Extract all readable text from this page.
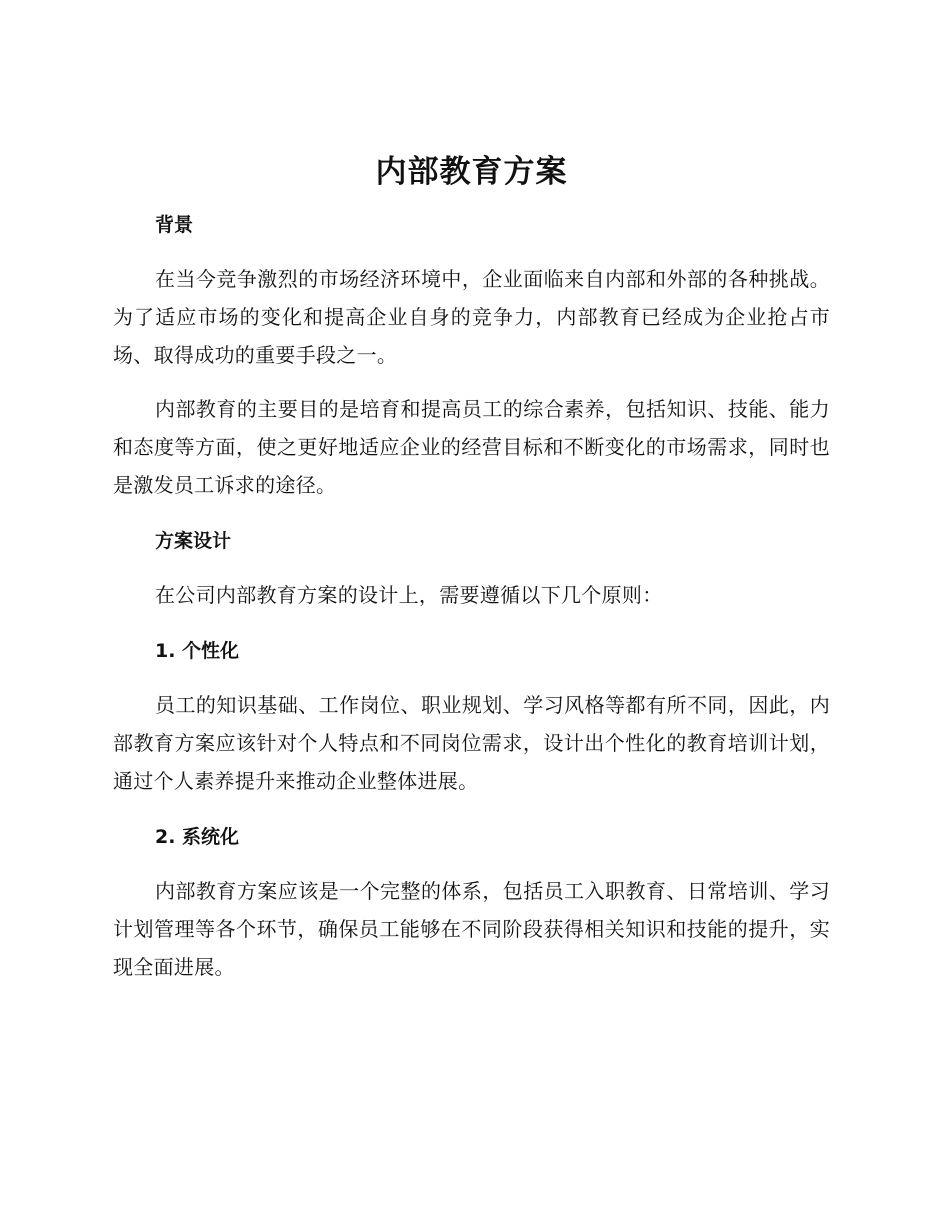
内部教育方案
背景

在当今竞争激烈的市场经济环境中，企业面临来自内部和外部的各种挑战。为了适应市场的变化和提高企业自身的竞争力，内部教育已经成为企业抢占市场、取得成功的重要手段之一。

内部教育的主要目的是培育和提高员工的综合素养，包括知识、技能、能力和态度等方面，使之更好地适应企业的经营目标和不断变化的市场需求，同时也是激发员工诉求的途径。

方案设计

在公司内部教育方案的设计上，需要遵循以下几个原则：

1. 个性化

员工的知识基础、工作岗位、职业规划、学习风格等都有所不同，因此，内部教育方案应该针对个人特点和不同岗位需求，设计出个性化的教育培训计划，通过个人素养提升来推动企业整体进展。

2. 系统化

内部教育方案应该是一个完整的体系，包括员工入职教育、日常培训、学习计划管理等各个环节，确保员工能够在不同阶段获得相关知识和技能的提升，实现全面进展。
